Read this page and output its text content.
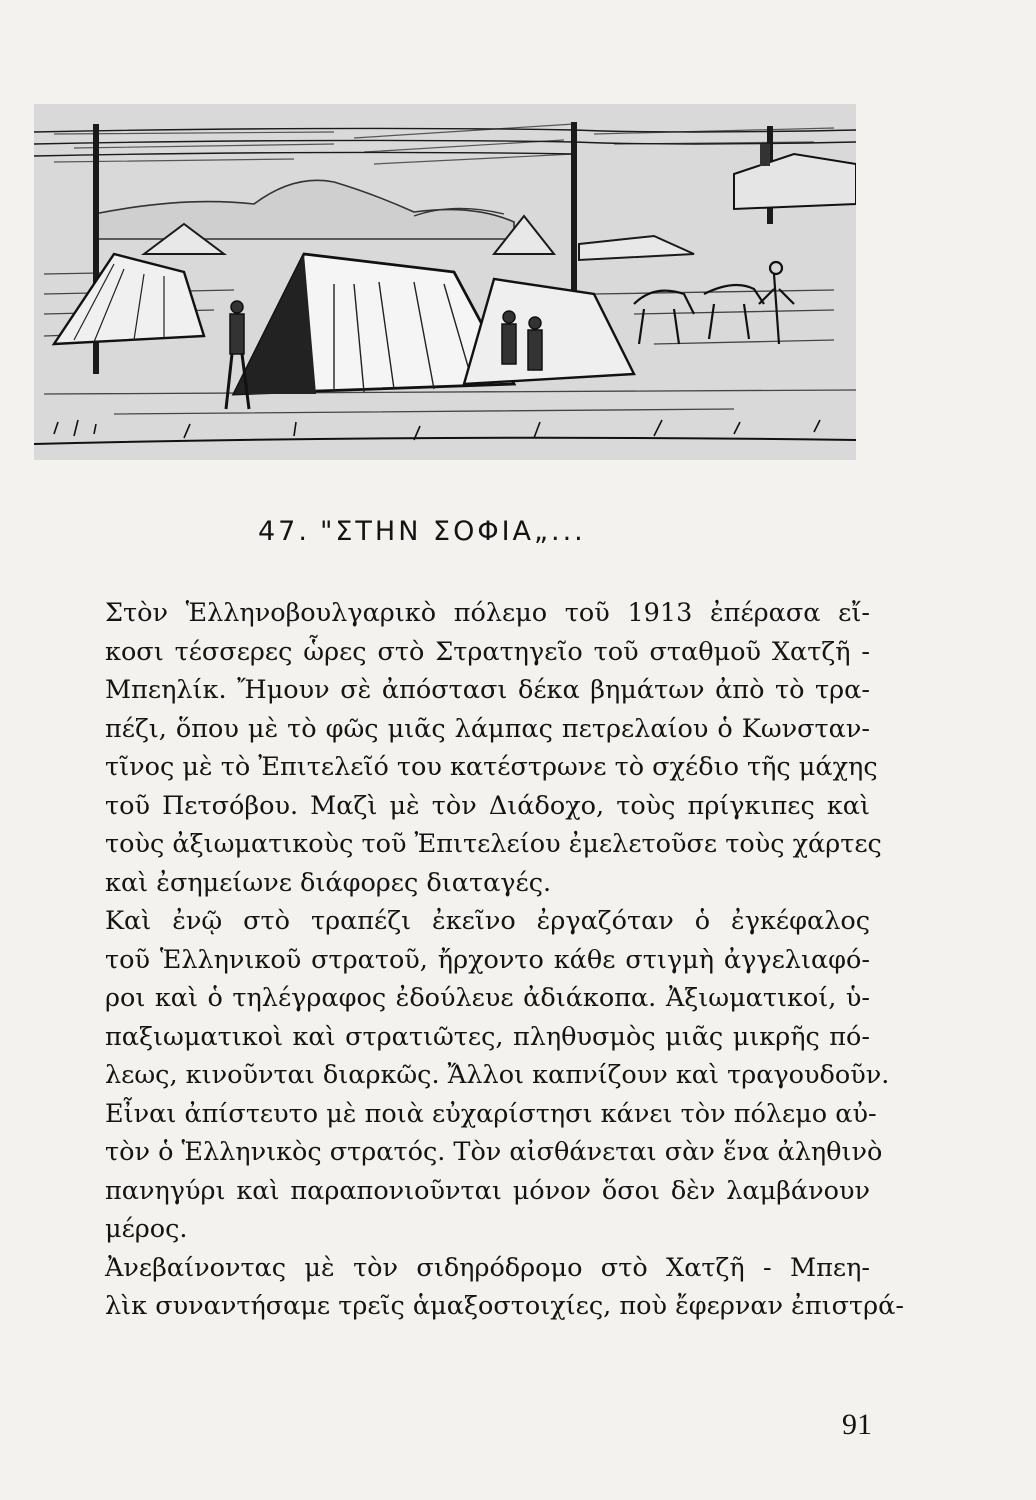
47. "ΣΤΗΝ ΣΟΦΙΑ„...
Στὸν Ἑλληνοβουλγαρικὸ πόλεμο τοῦ 1913 ἐπέρασα εἴ-
κοσι τέσσερες ὧρες στὸ Στρατηγεῖο τοῦ σταθμοῦ Χατζῆ -
Μπεηλίκ. Ἤμουν σὲ ἀπόστασι δέκα βημάτων ἀπὸ τὸ τρα-
πέζι, ὅπου μὲ τὸ φῶς μιᾶς λάμπας πετρελαίου ὁ Κωνσταν-
τῖνος μὲ τὸ Ἐπιτελεῖό του κατέστρωνε τὸ σχέδιο τῆς μάχης
τοῦ Πετσόβου. Μαζὶ μὲ τὸν Διάδοχο, τοὺς πρίγκιπες καὶ
τοὺς ἀξιωματικοὺς τοῦ Ἐπιτελείου ἐμελετοῦσε τοὺς χάρτες
καὶ ἐσημείωνε διάφορες διαταγές.
Καὶ ἐνῷ στὸ τραπέζι ἐκεῖνο ἐργαζόταν ὁ ἐγκέφαλος
τοῦ Ἑλληνικοῦ στρατοῦ, ἤρχοντο κάθε στιγμὴ ἀγγελιαφό-
ροι καὶ ὁ τηλέγραφος ἐδούλευε ἀδιάκοπα. Ἀξιωματικοί, ὑ-
παξιωματικοὶ καὶ στρατιῶτες, πληθυσμὸς μιᾶς μικρῆς πό-
λεως, κινοῦνται διαρκῶς. Ἄλλοι καπνίζουν καὶ τραγουδοῦν.
Εἶναι ἀπίστευτο μὲ ποιὰ εὐχαρίστησι κάνει τὸν πόλεμο αὐ-
τὸν ὁ Ἑλληνικὸς στρατός. Τὸν αἰσθάνεται σὰν ἕνα ἀληθινὸ
πανηγύρι καὶ παραπονιοῦνται μόνον ὅσοι δὲν λαμβάνουν
μέρος.
Ἀνεβαίνοντας μὲ τὸν σιδηρόδρομο στὸ Χατζῆ - Μπεη-
λὶκ συναντήσαμε τρεῖς ἁμαξοστοιχίες, ποὺ ἔφερναν ἐπιστρά-
91
